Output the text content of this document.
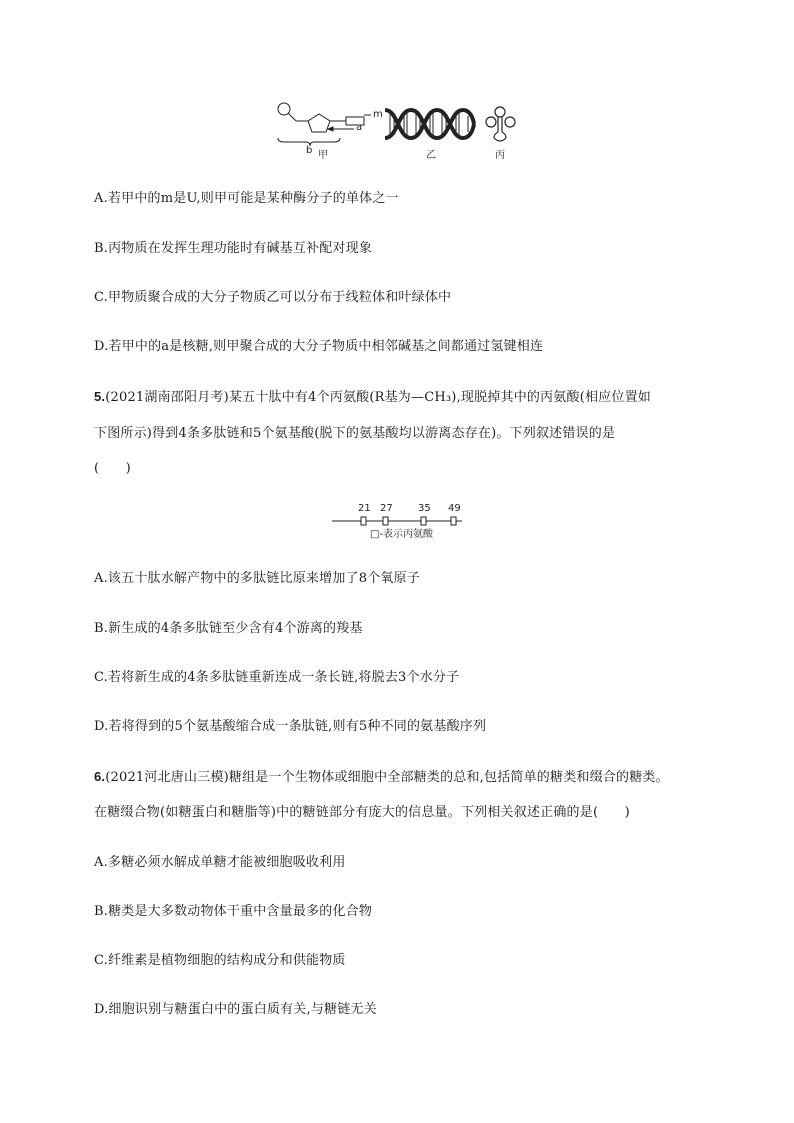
m
a
b 甲	乙	丙
A.若甲中的m是U,则甲可能是某种酶分子的单体之一
B.丙物质在发挥生理功能时有碱基互补配对现象
C.甲物质聚合成的大分子物质乙可以分布于线粒体和叶绿体中
D.若甲中的a是核糖,则甲聚合成的大分子物质中相邻碱基之间都通过氢键相连
5.(2021湖南邵阳月考)某五十肽中有4个丙氨酸(R基为—CH₃),现脱掉其中的丙氨酸(相应位置如
下图所示)得到4条多肽链和5个氨基酸(脱下的氨基酸均以游离态存在)。下列叙述错误的是
(　　)
21 27	35 49
□-表示丙氨酸
A.该五十肽水解产物中的多肽链比原来增加了8个氧原子
B.新生成的4条多肽链至少含有4个游离的羧基
C.若将新生成的4条多肽链重新连成一条长链,将脱去3个水分子
D.若将得到的5个氨基酸缩合成一条肽链,则有5种不同的氨基酸序列
6.(2021河北唐山三模)糖组是一个生物体或细胞中全部糖类的总和,包括简单的糖类和缀合的糖类。
在糖缀合物(如糖蛋白和糖脂等)中的糖链部分有庞大的信息量。下列相关叙述正确的是(　　)
A.多糖必须水解成单糖才能被细胞吸收利用
B.糖类是大多数动物体干重中含量最多的化合物
C.纤维素是植物细胞的结构成分和供能物质
D.细胞识别与糖蛋白中的蛋白质有关,与糖链无关
